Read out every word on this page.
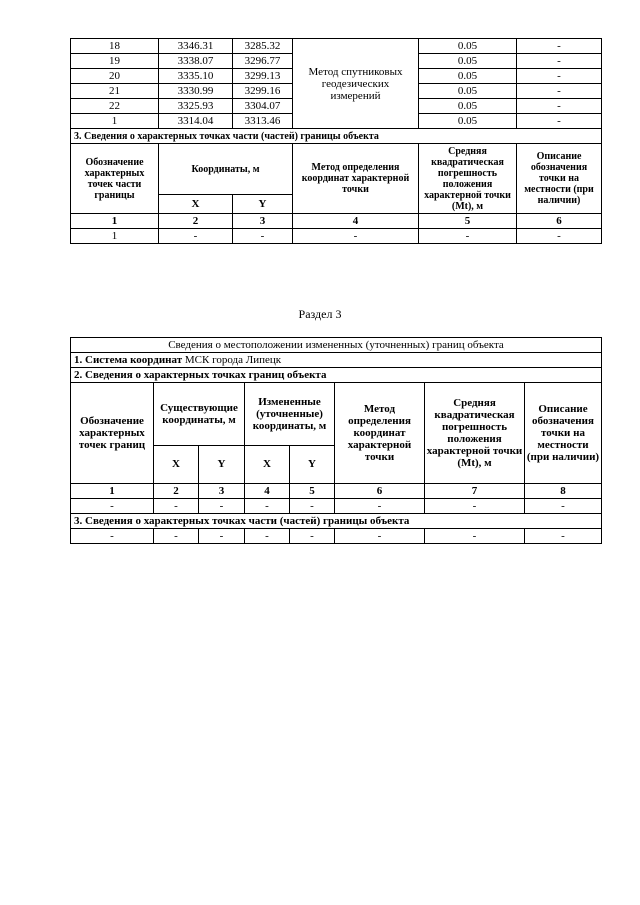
18	3346.31	3285.32	Метод спутниковых геодезических измерений	0.05	-
19	3338.07	3296.77		0.05	-
20	3335.10	3299.13		0.05	-
21	3330.99	3299.16		0.05	-
22	3325.93	3304.07		0.05	-
1	3314.04	3313.46		0.05	-
3. Сведения о характерных точках части (частей) границы объекта					
Обозначение характерных точек части границы	Координаты, м		Метод определения координат характерной точки	Средняя квадратическая погрешность положения характерной точки (Mt), м	Описание обозначения точки на местности (при наличии)
	X	Y			
1	2	3	4	5	6
1	-	-	-	-	-
Раздел 3
Сведения о местоположении измененных (уточненных) границ объекта							
1. Система координат МСК города Липецк							
2. Сведения о характерных точках границ объекта							
Обозначение характерных точек границ	Существующие координаты, м		Измененные (уточненные) координаты, м		Метод определения координат характерной точки	Средняя квадратическая погрешность положения характерной точки (Mt), м	Описание обозначения точки на местности (при наличии)
	X	Y	X	Y			
1	2	3	4	5	6	7	8
-	-	-	-	-	-	-	-
3. Сведения о характерных точках части (частей) границы объекта							
-	-	-	-	-	-	-	-
